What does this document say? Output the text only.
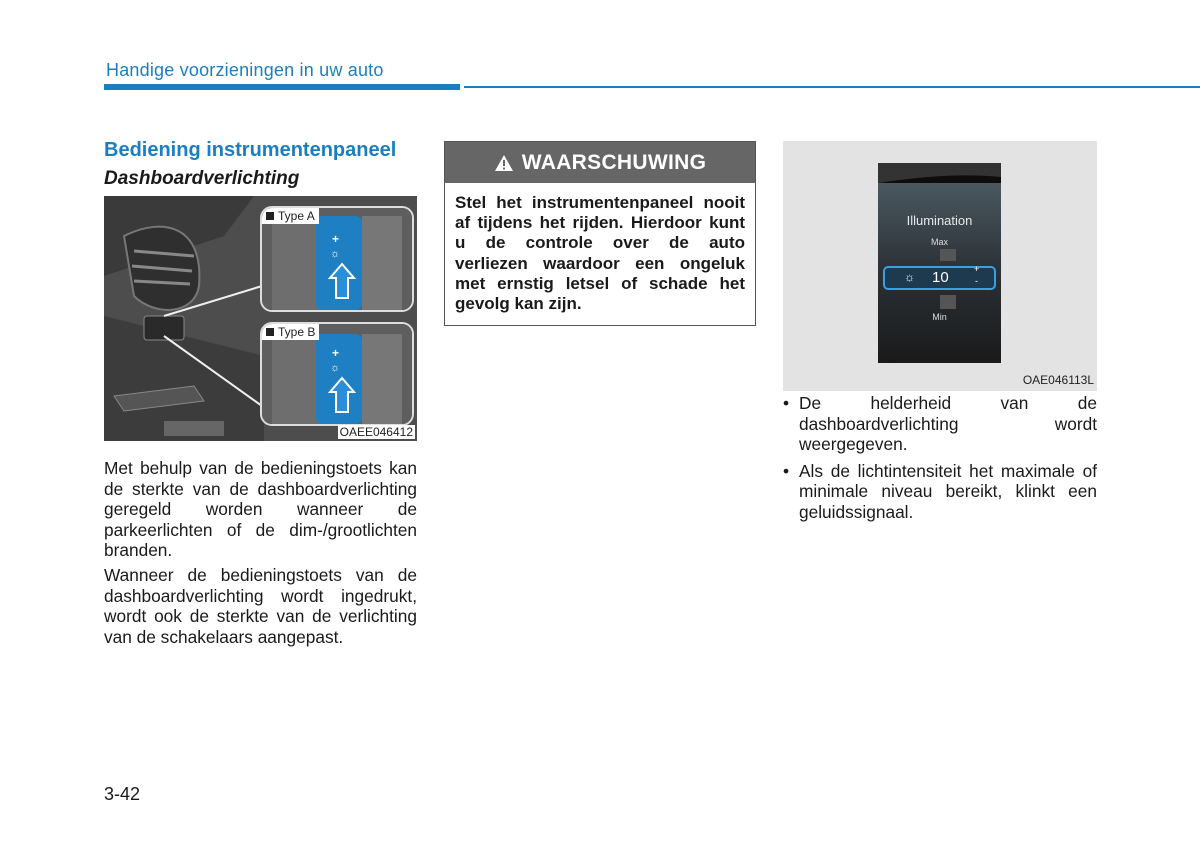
Handige voorzieningen in uw auto
Bediening instrumentenpaneel
Dashboardverlichting
+
☼
Type A
+
☼
Type B
OAEE046412
Met behulp van de bedieningstoets kan de sterkte van de dashboardverlichting geregeld worden wanneer de parkeerlichten of de dim-/grootlichten branden.
Wanneer de bedieningstoets van de dashboardverlichting wordt ingedrukt, wordt ook de sterkte van de verlichting van de schakelaars aangepast.
WAARSCHUWING
Stel het instrumentenpaneel nooit af tijdens het rijden. Hierdoor kunt u de controle over de auto verliezen waardoor een ongeluk met ernstig letsel of schade het gevolg kan zijn.
Illumination
Max
☼ 10	+
-
Min
OAE046113L
• De helderheid van de dashboardverlichting wordt weergegeven.
• Als de lichtintensiteit het maximale of minimale niveau bereikt, klinkt een geluidssignaal.
3-42
